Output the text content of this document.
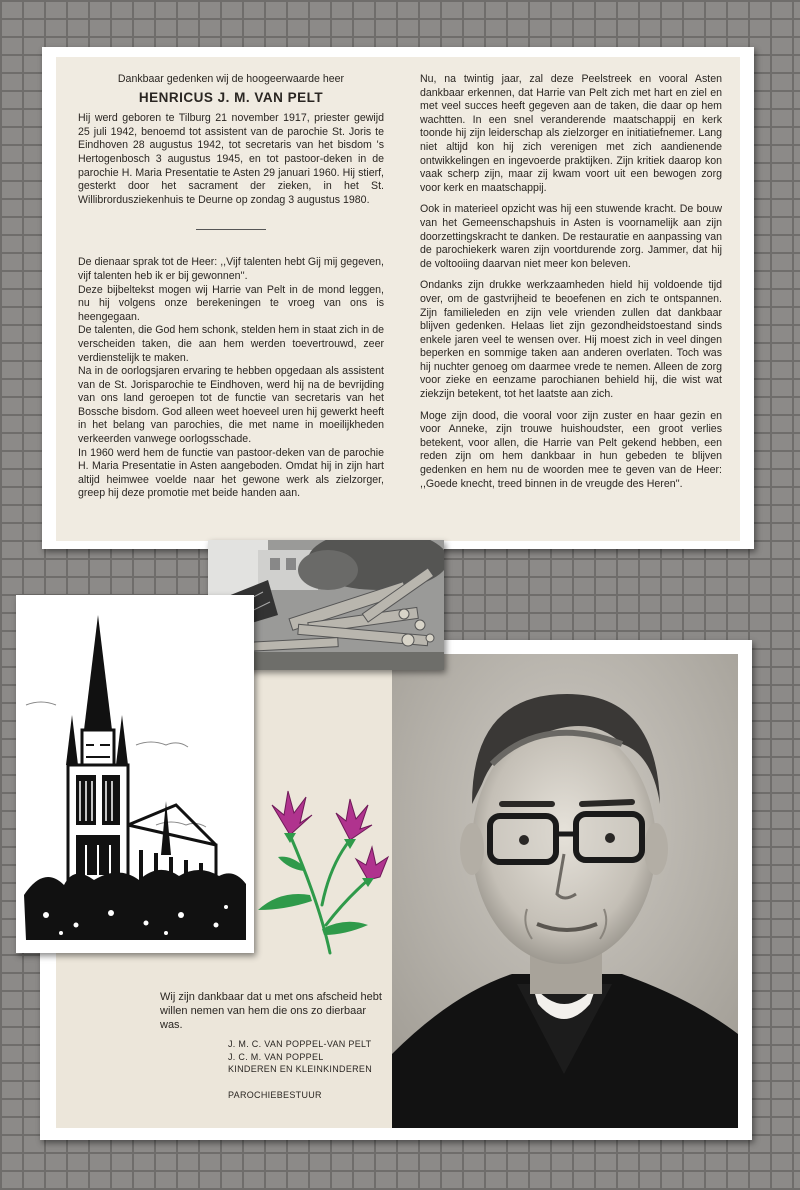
Dankbaar gedenken wij de hoogeerwaarde heer
HENRICUS J. M. VAN PELT

Hij werd geboren te Tilburg 21 november 1917, priester gewijd 25 juli 1942, benoemd tot assistent van de parochie St. Joris te Eindhoven 28 augustus 1942, tot secretaris van het bisdom 's Hertogenbosch 3 augustus 1945, en tot pastoor-deken in de parochie H. Maria Presentatie te Asten 29 januari 1960. Hij stierf, gesterkt door het sacrament der zieken, in het St. Willibrordusziekenhuis te Deurne op zondag 3 augustus 1980.

De dienaar sprak tot de Heer: ,,Vijf talenten hebt Gij mij gegeven, vijf talenten heb ik er bij gewonnen''.

Deze bijbeltekst mogen wij Harrie van Pelt in de mond leggen, nu hij volgens onze berekeningen te vroeg van ons is heengegaan.

De talenten, die God hem schonk, stelden hem in staat zich in de verscheiden taken, die aan hem werden toevertrouwd, zeer verdienstelijk te maken.

Na in de oorlogsjaren ervaring te hebben opgedaan als assistent van de St. Jorisparochie te Eindhoven, werd hij na de bevrijding van ons land geroepen tot de functie van secretaris van het Bossche bisdom. God alleen weet hoeveel uren hij gewerkt heeft in het belang van parochies, die met name in moeilijkheden verkeerden vanwege oorlogsschade.

In 1960 werd hem de functie van pastoor-deken van de parochie H. Maria Presentatie in Asten aangeboden. Omdat hij in zijn hart altijd heimwee voelde naar het gewone werk als zielzorger, greep hij deze promotie met beide handen aan.

Nu, na twintig jaar, zal deze Peelstreek en vooral Asten dankbaar erkennen, dat Harrie van Pelt zich met hart en ziel en met veel succes heeft gegeven aan de taken, die daar op hem wachtten. In een snel veranderende maatschappij en kerk toonde hij zijn leiderschap als zielzorger en initiatiefnemer. Lang niet altijd kon hij zich verenigen met zich aandienende ontwikkelingen en ingevoerde praktijken. Zijn kritiek daarop kon vaak scherp zijn, maar zij kwam voort uit een bewogen zorg voor kerk en maatschappij.

Ook in materieel opzicht was hij een stuwende kracht. De bouw van het Gemeenschapshuis in Asten is voornamelijk aan zijn doorzettingskracht te danken. De restauratie en aanpassing van de parochiekerk waren zijn voortdurende zorg. Jammer, dat hij de voltooiing daarvan niet meer kon beleven.

Ondanks zijn drukke werkzaamheden hield hij voldoende tijd over, om de gastvrijheid te beoefenen en zich te ontspannen. Zijn familieleden en zijn vele vrienden zullen dat dankbaar blijven gedenken. Helaas liet zijn gezondheidstoestand sinds enkele jaren veel te wensen over. Hij moest zich in veel dingen beperken en sommige taken aan anderen overlaten. Toch was hij nuchter genoeg om daarmee vrede te nemen. Alleen de zorg voor zieke en eenzame parochianen behield hij, die wist wat ziekzijn betekent, tot het laatste aan zich.

Moge zijn dood, die vooral voor zijn zuster en haar gezin en voor Anneke, zijn trouwe huishoudster, een groot verlies betekent, voor allen, die Harrie van Pelt gekend hebben, een reden zijn om hem dankbaar in hun gebeden te blijven gedenken en hem nu de woorden mee te geven van de Heer: ,,Goede knecht, treed binnen in de vreugde des Heren''.

Wij zijn dankbaar dat u met ons afscheid hebt willen nemen van hem die ons zo dierbaar was.

J. M. C. VAN POPPEL-VAN PELT
J. C. M. VAN POPPEL
KINDEREN EN KLEINKINDEREN
PAROCHIEBESTUUR
